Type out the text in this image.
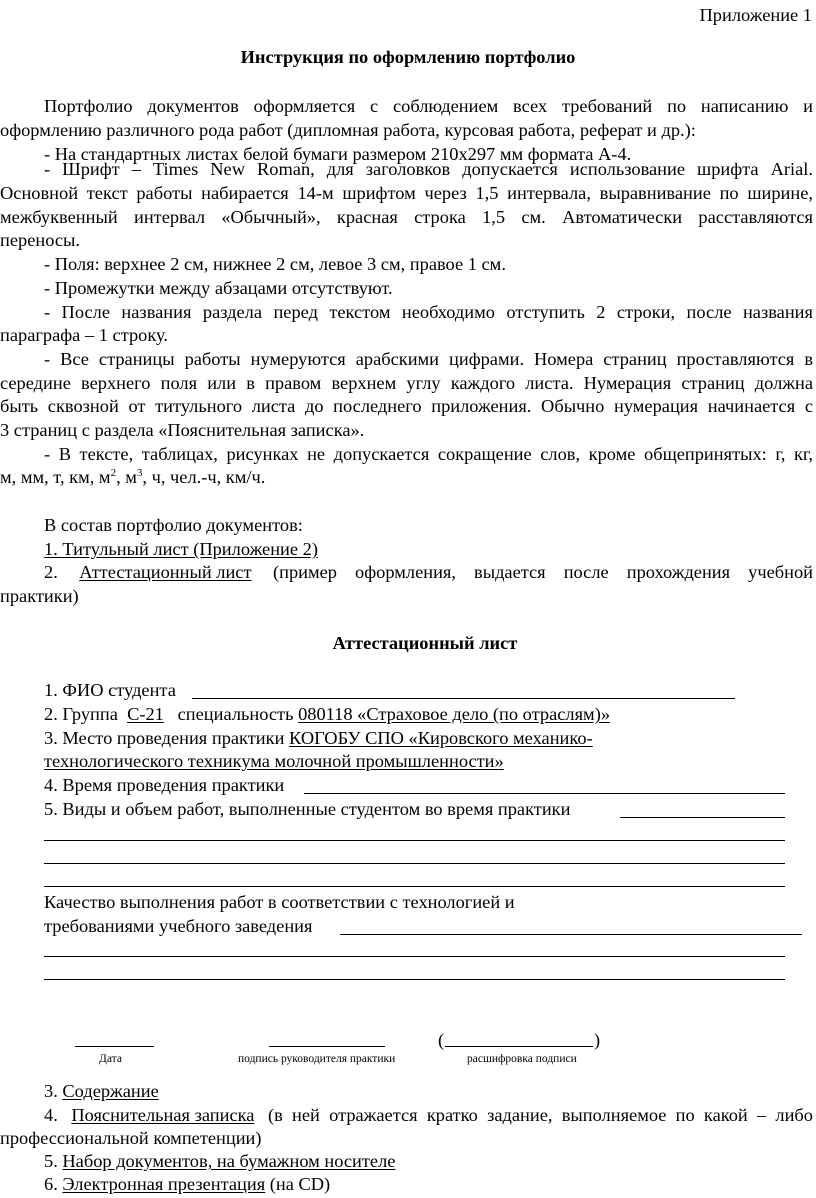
Приложение 1
Инструкция по оформлению портфолио
Портфолио документов оформляется с соблюдением всех требований по написанию и
оформлению различного рода работ (дипломная работа, курсовая работа, реферат и др.):
- На стандартных листах белой бумаги размером 210х297 мм формата А-4.
- Шрифт – Times New Roman, для заголовков допускается использование шрифта Arial.
Основной текст работы набирается 14-м шрифтом через 1,5 интервала, выравнивание по ширине,
межбуквенный интервал «Обычный», красная строка 1,5 см. Автоматически расставляются
переносы.
- Поля: верхнее 2 см, нижнее 2 см, левое 3 см, правое 1 см.
- Промежутки между абзацами отсутствуют.
- После названия раздела перед текстом необходимо отступить 2 строки, после названия
параграфа – 1 строку.
- Все страницы работы нумеруются арабскими цифрами. Номера страниц проставляются в
середине верхнего поля или в правом верхнем углу каждого листа. Нумерация страниц должна
быть сквозной от титульного листа до последнего приложения. Обычно нумерация начинается с
3 страниц с раздела «Пояснительная записка».
- В тексте, таблицах, рисунках не допускается сокращение слов, кроме общепринятых: г, кг,
м, мм, т, км, $м^2$, $м^3$, ч, чел.-ч, км/ч.
В состав портфолио документов:
1. Титульный лист (Приложение 2)
2. Аттестационный лист (пример оформления, выдается после прохождения учебной
практики)
Аттестационный лист
1. ФИО студента
2. Группа С-21 специальность 080118 «Страховое дело (по отраслям)»
3. Место проведения практики КОГОБУ СПО «Кировского механико-
технологического техникума молочной промышленности»
4. Время проведения практики
5. Виды и объем работ, выполненные студентом во время практики
Качество выполнения работ в соответствии с технологией и
требованиями учебного заведения
(	)
Дата	подпись руководителя практики	расшифровка подписи
3. Содержание
4. Пояснительная записка (в ней отражается кратко задание, выполняемое по какой – либо
профессиональной компетенции)
5. Набор документов, на бумажном носителе
6. Электронная презентация (на CD)
